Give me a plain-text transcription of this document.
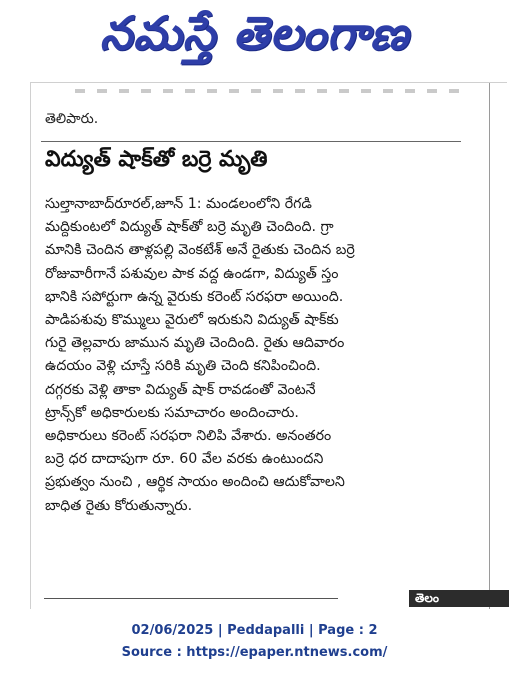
నమస్తే తెలంగాణ
తెలిపారు.
విద్యుత్ షాక్‌తో బర్రె మృతి
సుల్తానాబాద్‌రూరల్,జూన్ 1: మండలంలోని రేగడి
మద్దికుంటలో విద్యుత్ షాక్‌తో బర్రె మృతి చెందింది. గ్రా
మానికి చెందిన తాళ్లపల్లి వెంకటేశ్ అనే రైతుకు చెందిన బర్రె
రోజువారీగానే పశువుల పాక వద్ద ఉండగా, విద్యుత్ స్తం
భానికి సపోర్టుగా ఉన్న వైరుకు కరెంట్ సరఫరా అయింది.
పాడిపశువు కొమ్ములు వైరులో ఇరుకుని విద్యుత్ షాక్‌కు
గురై తెల్లవారు జామున మృతి చెందింది. రైతు ఆదివారం
ఉదయం వెళ్లి చూస్తే సరికి మృతి చెంది కనిపించింది.
దగ్గరకు వెళ్లి తాకా విద్యుత్ షాక్ రావడంతో వెంటనే
ట్రాన్స్‌కో అధికారులకు సమాచారం అందించారు.
అధికారులు కరెంట్ సరఫరా నిలిపి వేశారు. అనంతరం
బర్రె ధర దాదాపుగా రూ. 60 వేల వరకు ఉంటుందని
ప్రభుత్వం నుంచి , ఆర్థిక సాయం అందించి ఆదుకోవాలని
బాధిత రైతు కోరుతున్నారు.
తెలం
02/06/2025 | Peddapalli | Page : 2
Source : https://epaper.ntnews.com/
